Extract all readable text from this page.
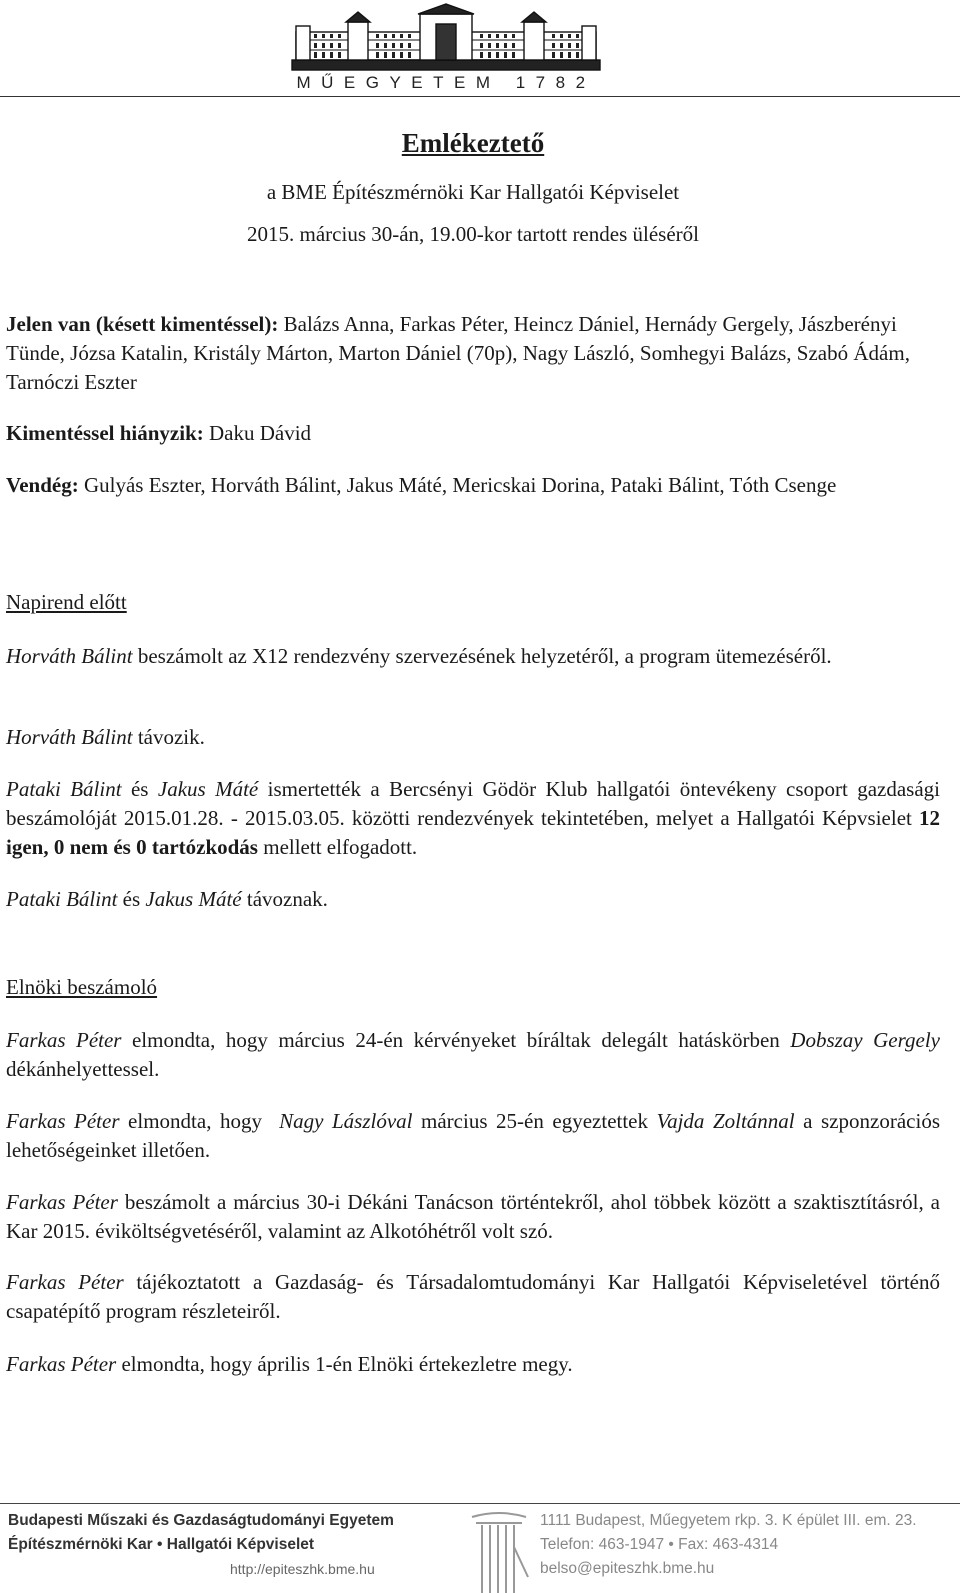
MŰEGYETEM 1782
Emlékeztető
a BME Építészmérnöki Kar Hallgatói Képviselet
2015. március 30-án, 19.00-kor tartott rendes üléséről
Jelen van (késett kimentéssel): Balázs Anna, Farkas Péter, Heincz Dániel, Hernády Gergely, Jászberényi Tünde, Józsa Katalin, Kristály Márton, Marton Dániel (70p), Nagy László, Somhegyi Balázs, Szabó Ádám, Tarnóczi Eszter
Kimentéssel hiányzik: Daku Dávid
Vendég: Gulyás Eszter, Horváth Bálint, Jakus Máté, Mericskai Dorina, Pataki Bálint, Tóth Csenge
Napirend előtt
Horváth Bálint beszámolt az X12 rendezvény szervezésének helyzetéről, a program ütemezéséről.
Horváth Bálint távozik.
Pataki Bálint és Jakus Máté ismertették a Bercsényi Gödör Klub hallgatói öntevékeny csoport gazdasági beszámolóját 2015.01.28. - 2015.03.05. közötti rendezvények tekintetében, melyet a Hallgatói Képvsielet 12 igen, 0 nem és 0 tartózkodás mellett elfogadott.
Pataki Bálint és Jakus Máté távoznak.
Elnöki beszámoló
Farkas Péter elmondta, hogy március 24-én kérvényeket bíráltak delegált hatáskörben Dobszay Gergely dékánhelyettessel.
Farkas Péter elmondta, hogy  Nagy Lászlóval március 25-én egyeztettek Vajda Zoltánnal a szponzorációs lehetőségeinket illetően.
Farkas Péter beszámolt a március 30-i Dékáni Tanácson történtekről, ahol többek között a szaktisztításról, a Kar 2015. éviköltségvetéséről, valamint az Alkotóhétről volt szó.
Farkas Péter tájékoztatott a Gazdaság- és Társadalomtudományi Kar Hallgatói Képviseletével történő csapatépítő program részleteiről.
Farkas Péter elmondta, hogy április 1-én Elnöki értekezletre megy.
Budapesti Műszaki és Gazdaságtudományi Egyetem
Építészmérnöki Kar • Hallgatói Képviselet
http://epiteszhk.bme.hu
1111 Budapest, Műegyetem rkp. 3. K épület III. em. 23.
Telefon: 463-1947 • Fax: 463-4314
belso@epiteszhk.bme.hu
